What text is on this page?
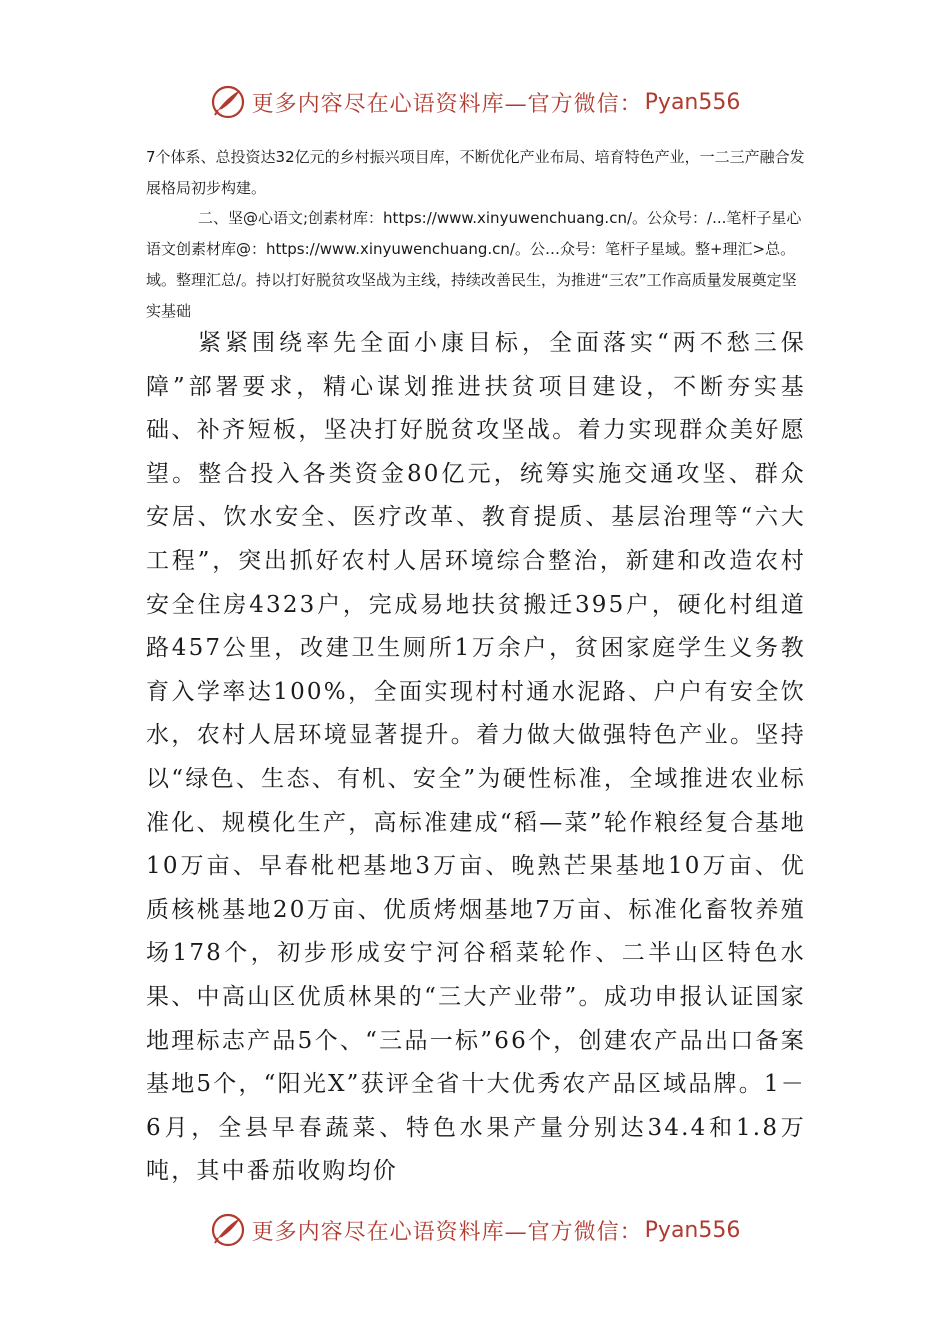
更多内容尽在心语资料库—官方微信： Pyan556

7个体系、总投资达32亿元的乡村振兴项目库，不断优化产业布局、培育特色产业，一二三产融合发展格局初步构建。

二、坚@心语文;创素材库：https://www.xinyuwenchuang.cn/。公众号：/...笔杆子星心语文创素材库@：https://www.xinyuwenchuang.cn/。公…众号：笔杆子星域。整+理汇>总。域。整理汇总/。持以打好脱贫攻坚战为主线，持续改善民生，为推进“三农”工作高质量发展奠定坚实基础

紧紧围绕率先全面小康目标，全面落实“两不愁三保障”部署要求，精心谋划推进扶贫项目建设，不断夯实基础、补齐短板，坚决打好脱贫攻坚战。着力实现群众美好愿望。整合投入各类资金80亿元，统筹实施交通攻坚、群众安居、饮水安全、医疗改革、教育提质、基层治理等“六大工程”，突出抓好农村人居环境综合整治，新建和改造农村安全住房4323户，完成易地扶贫搬迁395户，硬化村组道路457公里，改建卫生厕所1万余户，贫困家庭学生义务教育入学率达100%，全面实现村村通水泥路、户户有安全饮水，农村人居环境显著提升。着力做大做强特色产业。坚持以“绿色、生态、有机、安全”为硬性标准，全域推进农业标准化、规模化生产，高标准建成“稻—菜”轮作粮经复合基地10万亩、早春枇杷基地3万亩、晚熟芒果基地10万亩、优质核桃基地20万亩、优质烤烟基地7万亩、标准化畜牧养殖场178个，初步形成安宁河谷稻菜轮作、二半山区特色水果、中高山区优质林果的“三大产业带”。成功申报认证国家地理标志产品5个、“三品一标”66个，创建农产品出口备案基地5个，“阳光X”获评全省十大优秀农产品区域品牌。1－6月，全县早春蔬菜、特色水果产量分别达34.4和1.8万吨，其中番茄收购均价

更多内容尽在心语资料库—官方微信： Pyan556
